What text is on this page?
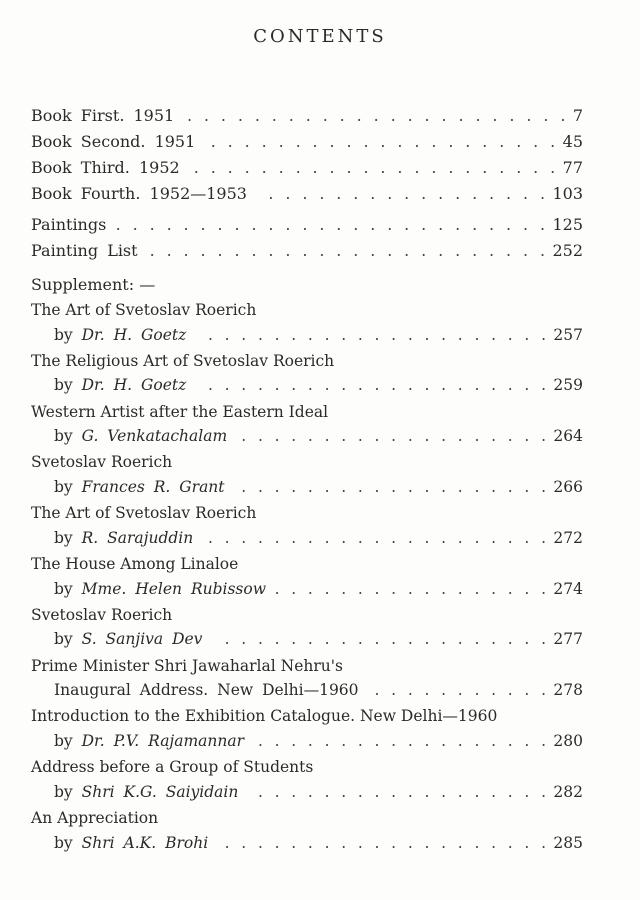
CONTENTS
Book First. 1951 . . .	7
Book Second. 1951 . . .	45
Book Third. 1952 . . .	77
Book Fourth. 1952—1953 . . .	103
Paintings . . .	125
Painting List . . .	252
Supplement: —
The Art of Svetoslav Roerich
by Dr. H. Goetz . . .	257
The Religious Art of Svetoslav Roerich
by Dr. H. Goetz . . .	259
Western Artist after the Eastern Ideal
by G. Venkatachalam . . .	264
Svetoslav Roerich
by Frances R. Grant . . .	266
The Art of Svetoslav Roerich
by R. Sarajuddin . . .	272
The House Among Linaloe
by Mme. Helen Rubissow . . .	274
Svetoslav Roerich
by S. Sanjiva Dev . . .	277
Prime Minister Shri Jawaharlal Nehru's
Inaugural Address. New Delhi—1960 . . .	278
Introduction to the Exhibition Catalogue. New Delhi—1960
by Dr. P.V. Rajamannar . . .	280
Address before a Group of Students
by Shri K.G. Saiyidain . . .	282
An Appreciation
by Shri A.K. Brohi . . .	285
